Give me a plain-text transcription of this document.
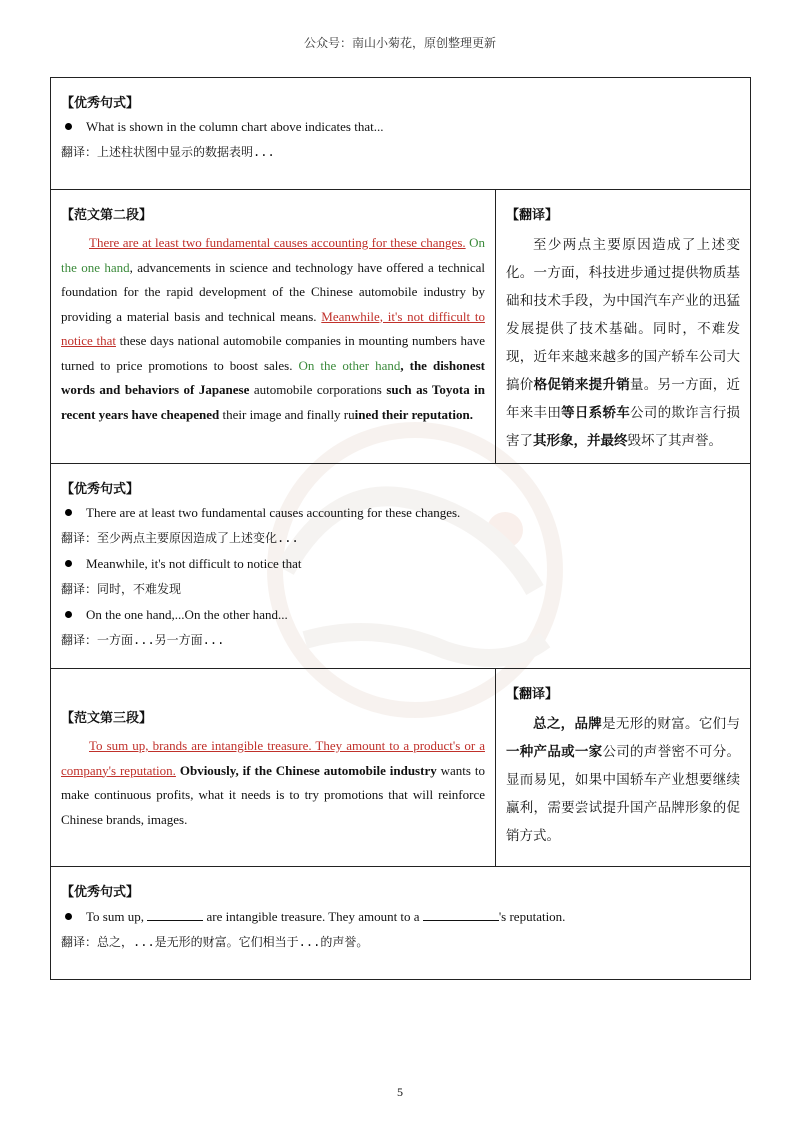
公众号：南山小菊花，原创整理更新
【优秀句式】
What is shown in the column chart above indicates that...
翻译：上述柱状图中显示的数据表明...
【范文第二段】

There are at least two fundamental causes accounting for these changes. On the one hand, advancements in science and technology have offered a technical foundation for the rapid development of the Chinese automobile industry by providing a material basis and technical means. Meanwhile, it's not difficult to notice that these days national automobile companies in mounting numbers have turned to price promotions to boost sales. On the other hand, the dishonest words and behaviors of Japanese automobile corporations such as Toyota in recent years have cheapened their image and finally ruined their reputation.

【翻译】

至少两点主要原因造成了上述变化。一方面，科技进步通过提供物质基础和技术手段，为中国汽车产业的迅猛发展提供了技术基础。同时，不难发现，近年来越来越多的国产轿车公司大搞价格促销来提升销量。另一方面，近年来丰田等日系轿车公司的欺诈言行损害了其形象，并最终毁坏了其声誉。

【优秀句式】
There are at least two fundamental causes accounting for these changes.
翻译：至少两点主要原因造成了上述变化...
Meanwhile, it's not difficult to notice that
翻译：同时，不难发现
On the one hand,...On the other hand...
翻译：一方面...另一方面...
【范文第三段】

To sum up, brands are intangible treasure. They amount to a product's or a company's reputation. Obviously, if the Chinese automobile industry wants to make continuous profits, what it needs is to try promotions that will reinforce Chinese brands, images.

【翻译】

总之，品牌是无形的财富。它们与一种产品或一家公司的声誉密不可分。显而易见，如果中国轿车产业想要继续赢利，需要尝试提升国产品牌形象的促销方式。

【优秀句式】
To sum up,	are intangible treasure. They amount to a	's reputation.
翻译：总之，...是无形的财富。它们相当于...的声誉。
5
